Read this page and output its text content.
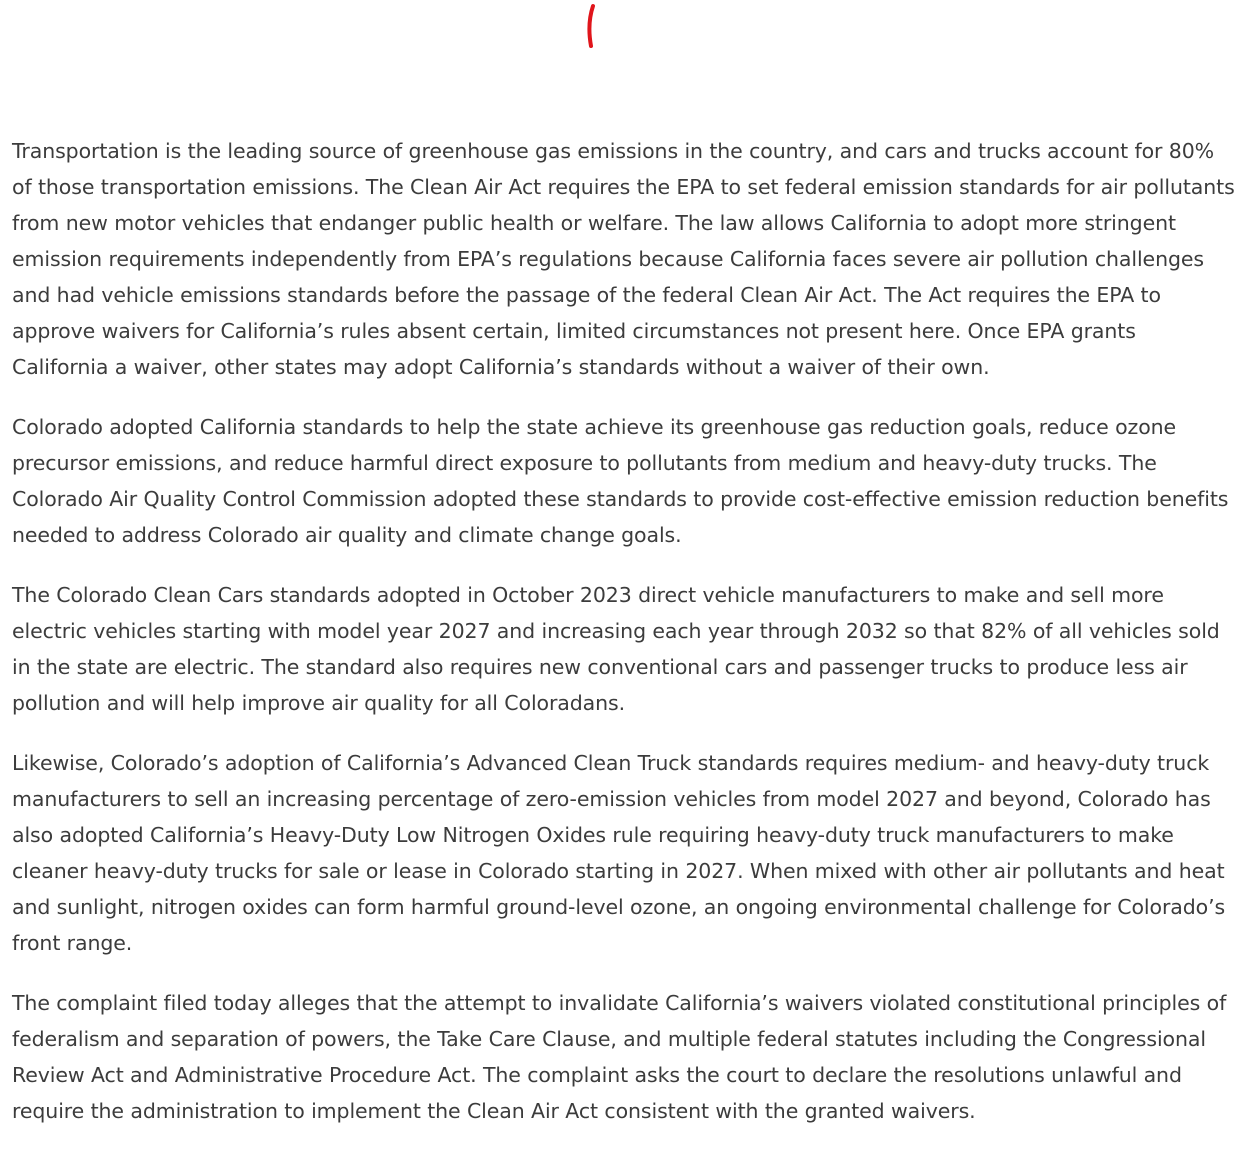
Transportation is the leading source of greenhouse gas emissions in the country, and cars and trucks account for 80% of those transportation emissions. The Clean Air Act requires the EPA to set federal emission standards for air pollutants from new motor vehicles that endanger public health or welfare. The law allows California to adopt more stringent emission requirements independently from EPA’s regulations because California faces severe air pollution challenges and had vehicle emissions standards before the passage of the federal Clean Air Act. The Act requires the EPA to approve waivers for California’s rules absent certain, limited circumstances not present here. Once EPA grants California a waiver, other states may adopt California’s standards without a waiver of their own.

Colorado adopted California standards to help the state achieve its greenhouse gas reduction goals, reduce ozone precursor emissions, and reduce harmful direct exposure to pollutants from medium and heavy-duty trucks. The Colorado Air Quality Control Commission adopted these standards to provide cost-effective emission reduction benefits needed to address Colorado air quality and climate change goals.

The Colorado Clean Cars standards adopted in October 2023 direct vehicle manufacturers to make and sell more electric vehicles starting with model year 2027 and increasing each year through 2032 so that 82% of all vehicles sold in the state are electric. The standard also requires new conventional cars and passenger trucks to produce less air pollution and will help improve air quality for all Coloradans.

Likewise, Colorado’s adoption of California’s Advanced Clean Truck standards requires medium- and heavy-duty truck manufacturers to sell an increasing percentage of zero-emission vehicles from model 2027 and beyond, Colorado has also adopted California’s Heavy-Duty Low Nitrogen Oxides rule requiring heavy-duty truck manufacturers to make cleaner heavy-duty trucks for sale or lease in Colorado starting in 2027. When mixed with other air pollutants and heat and sunlight, nitrogen oxides can form harmful ground-level ozone, an ongoing environmental challenge for Colorado’s front range.

The complaint filed today alleges that the attempt to invalidate California’s waivers violated constitutional principles of federalism and separation of powers, the Take Care Clause, and multiple federal statutes including the Congressional Review Act and Administrative Procedure Act. The complaint asks the court to declare the resolutions unlawful and require the administration to implement the Clean Air Act consistent with the granted waivers.
